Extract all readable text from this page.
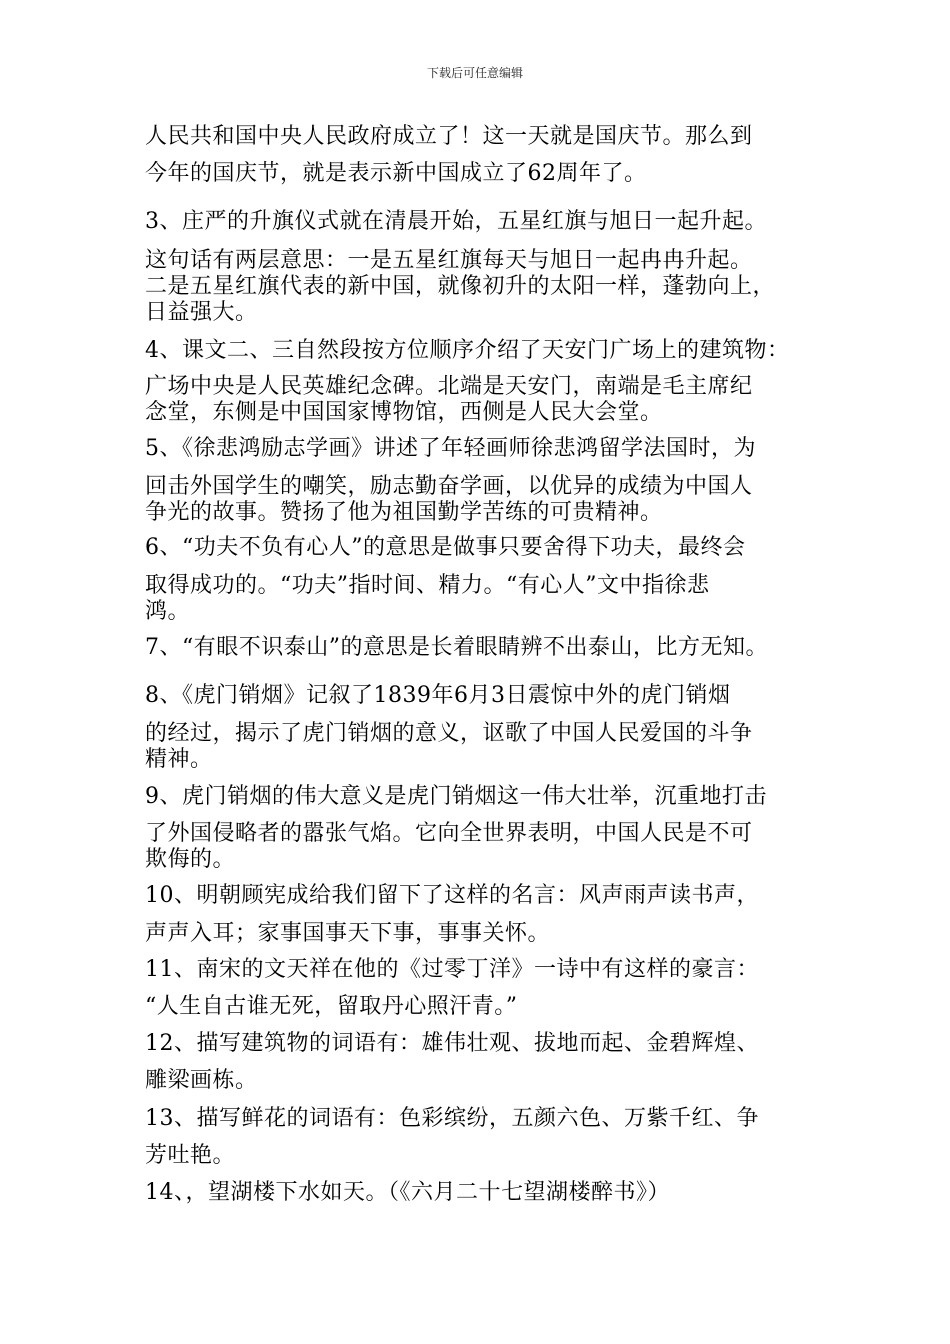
下载后可任意编辑
人民共和国中央人民政府成立了！这一天就是国庆节。那么到
今年的国庆节，就是表示新中国成立了62周年了。
3、庄严的升旗仪式就在清晨开始，五星红旗与旭日一起升起。
这句话有两层意思：一是五星红旗每天与旭日一起冉冉升起。
二是五星红旗代表的新中国，就像初升的太阳一样，蓬勃向上，
日益强大。
4、课文二、三自然段按方位顺序介绍了天安门广场上的建筑物：
广场中央是人民英雄纪念碑。北端是天安门，南端是毛主席纪
念堂，东侧是中国国家博物馆，西侧是人民大会堂。
5、《徐悲鸿励志学画》讲述了年轻画师徐悲鸿留学法国时，为
回击外国学生的嘲笑，励志勤奋学画，以优异的成绩为中国人
争光的故事。赞扬了他为祖国勤学苦练的可贵精神。
6、“功夫不负有心人”的意思是做事只要舍得下功夫，最终会
取得成功的。“功夫”指时间、精力。“有心人”文中指徐悲
鸿。
7、“有眼不识泰山”的意思是长着眼睛辨不出泰山，比方无知。
8、《虎门销烟》记叙了1839年6月3日震惊中外的虎门销烟
的经过，揭示了虎门销烟的意义，讴歌了中国人民爱国的斗争
精神。
9、虎门销烟的伟大意义是虎门销烟这一伟大壮举，沉重地打击
了外国侵略者的嚣张气焰。它向全世界表明，中国人民是不可
欺侮的。
10、明朝顾宪成给我们留下了这样的名言：风声雨声读书声，
声声入耳；家事国事天下事，事事关怀。
11、南宋的文天祥在他的《过零丁洋》一诗中有这样的豪言：
“人生自古谁无死，留取丹心照汗青。”
12、描写建筑物的词语有：雄伟壮观、拔地而起、金碧辉煌、
雕梁画栋。
13、描写鲜花的词语有：色彩缤纷，五颜六色、万紫千红、争
芳吐艳。
14、，望湖楼下水如天。（《六月二十七望湖楼醉书》）
